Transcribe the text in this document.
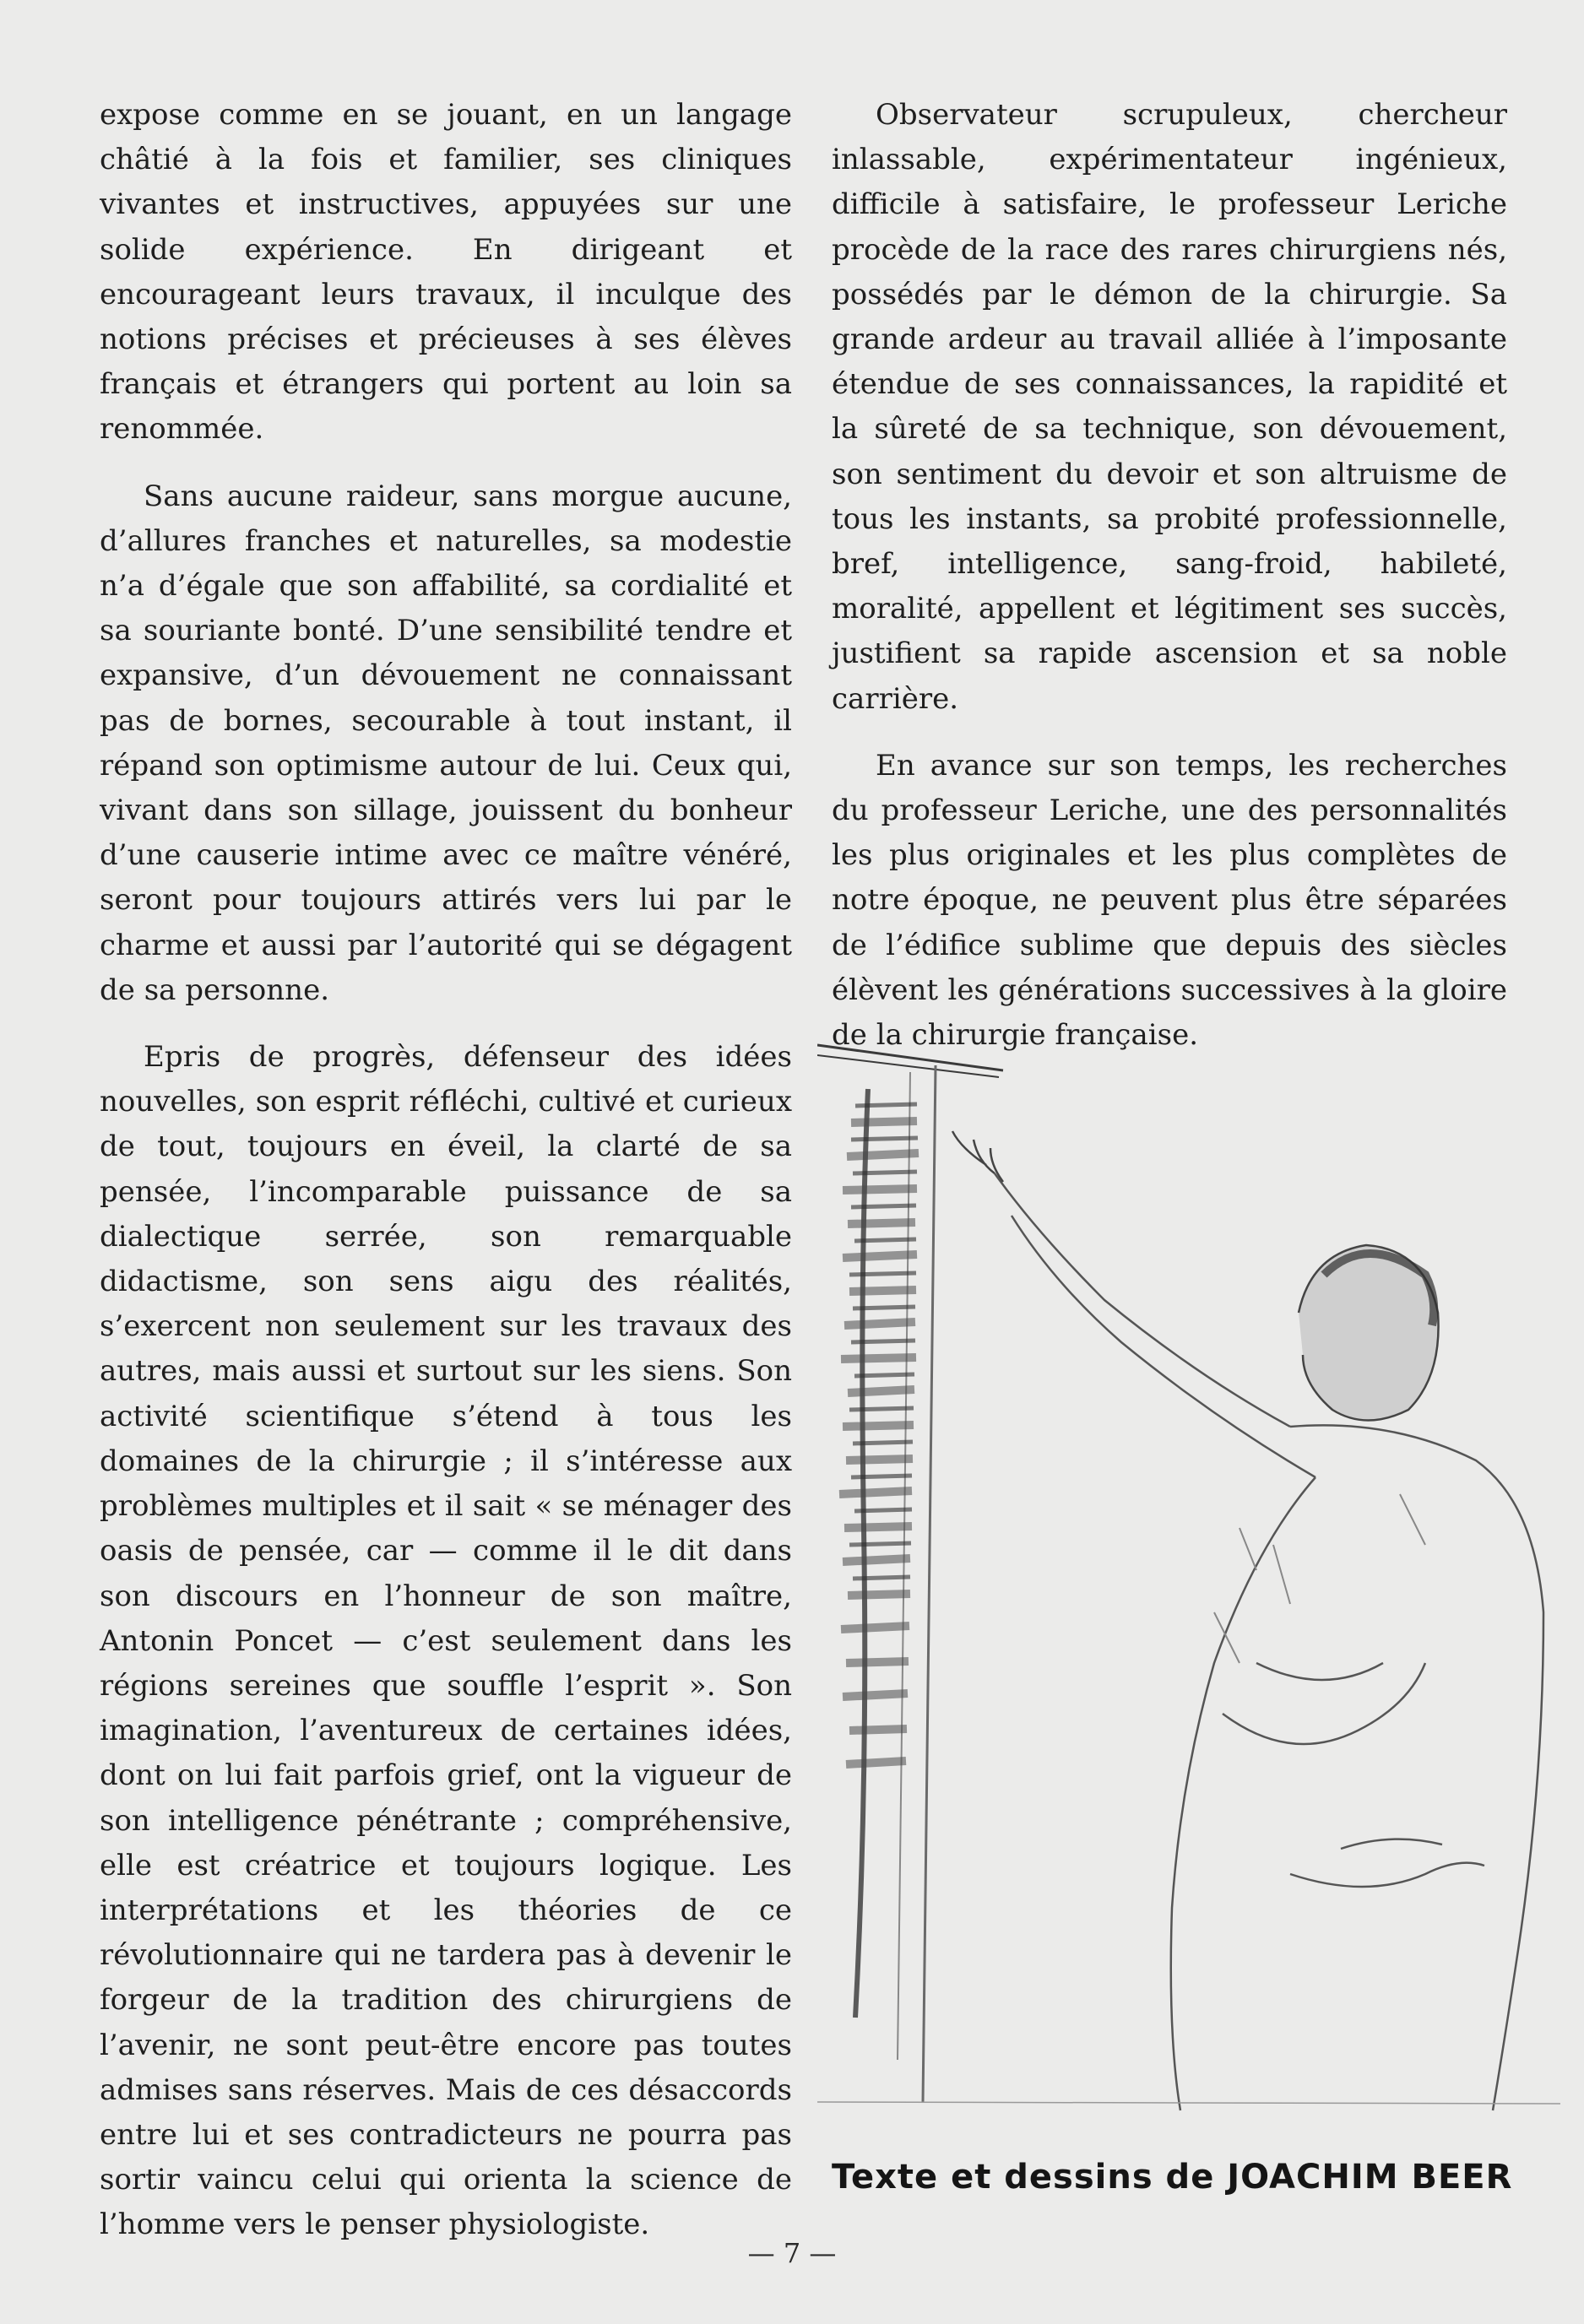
expose comme en se jouant, en un langage châtié à la fois et familier, ses cliniques vivantes et instructives, appuyées sur une solide expérience. En dirigeant et encourageant leurs travaux, il inculque des notions précises et précieuses à ses élèves français et étrangers qui portent au loin sa renommée.

Sans aucune raideur, sans morgue aucune, d’allures franches et naturelles, sa modestie n’a d’égale que son affabilité, sa cordialité et sa souriante bonté. D’une sensibilité tendre et expansive, d’un dévouement ne connaissant pas de bornes, secourable à tout instant, il répand son optimisme autour de lui. Ceux qui, vivant dans son sillage, jouissent du bonheur d’une causerie intime avec ce maître vénéré, seront pour toujours attirés vers lui par le charme et aussi par l’autorité qui se dégagent de sa personne.

Epris de progrès, défenseur des idées nouvelles, son esprit réfléchi, cultivé et curieux de tout, toujours en éveil, la clarté de sa pensée, l’incomparable puissance de sa dialectique serrée, son remarquable didactisme, son sens aigu des réalités, s’exercent non seulement sur les travaux des autres, mais aussi et surtout sur les siens. Son activité scientifique s’étend à tous les domaines de la chirurgie ; il s’intéresse aux problèmes multiples et il sait « se ménager des oasis de pensée, car — comme il le dit dans son discours en l’honneur de son maître, Antonin Poncet — c’est seulement dans les régions sereines que souffle l’esprit ». Son imagination, l’aventureux de certaines idées, dont on lui fait parfois grief, ont la vigueur de son intelligence pénétrante ; compréhensive, elle est créatrice et toujours logique. Les interprétations et les théories de ce révolutionnaire qui ne tardera pas à devenir le forgeur de la tradition des chirurgiens de l’avenir, ne sont peut-être encore pas toutes admises sans réserves. Mais de ces désaccords entre lui et ses contradicteurs ne pourra pas sortir vaincu celui qui orienta la science de l’homme vers le penser physiologiste.

Observateur scrupuleux, chercheur inlassable, expérimentateur ingénieux, difficile à satisfaire, le professeur Leriche procède de la race des rares chirurgiens nés, possédés par le démon de la chirurgie. Sa grande ardeur au travail alliée à l’imposante étendue de ses connaissances, la rapidité et la sûreté de sa technique, son dévouement, son sentiment du devoir et son altruisme de tous les instants, sa probité professionnelle, bref, intelligence, sang-froid, habileté, moralité, appellent et légitiment ses succès, justifient sa rapide ascension et sa noble carrière.

En avance sur son temps, les recherches du professeur Leriche, une des personnalités les plus originales et les plus complètes de notre époque, ne peuvent plus être séparées de l’édifice sublime que depuis des siècles élèvent les générations successives à la gloire de la chirurgie française.

Texte et dessins de JOACHIM BEER
— 7 —
